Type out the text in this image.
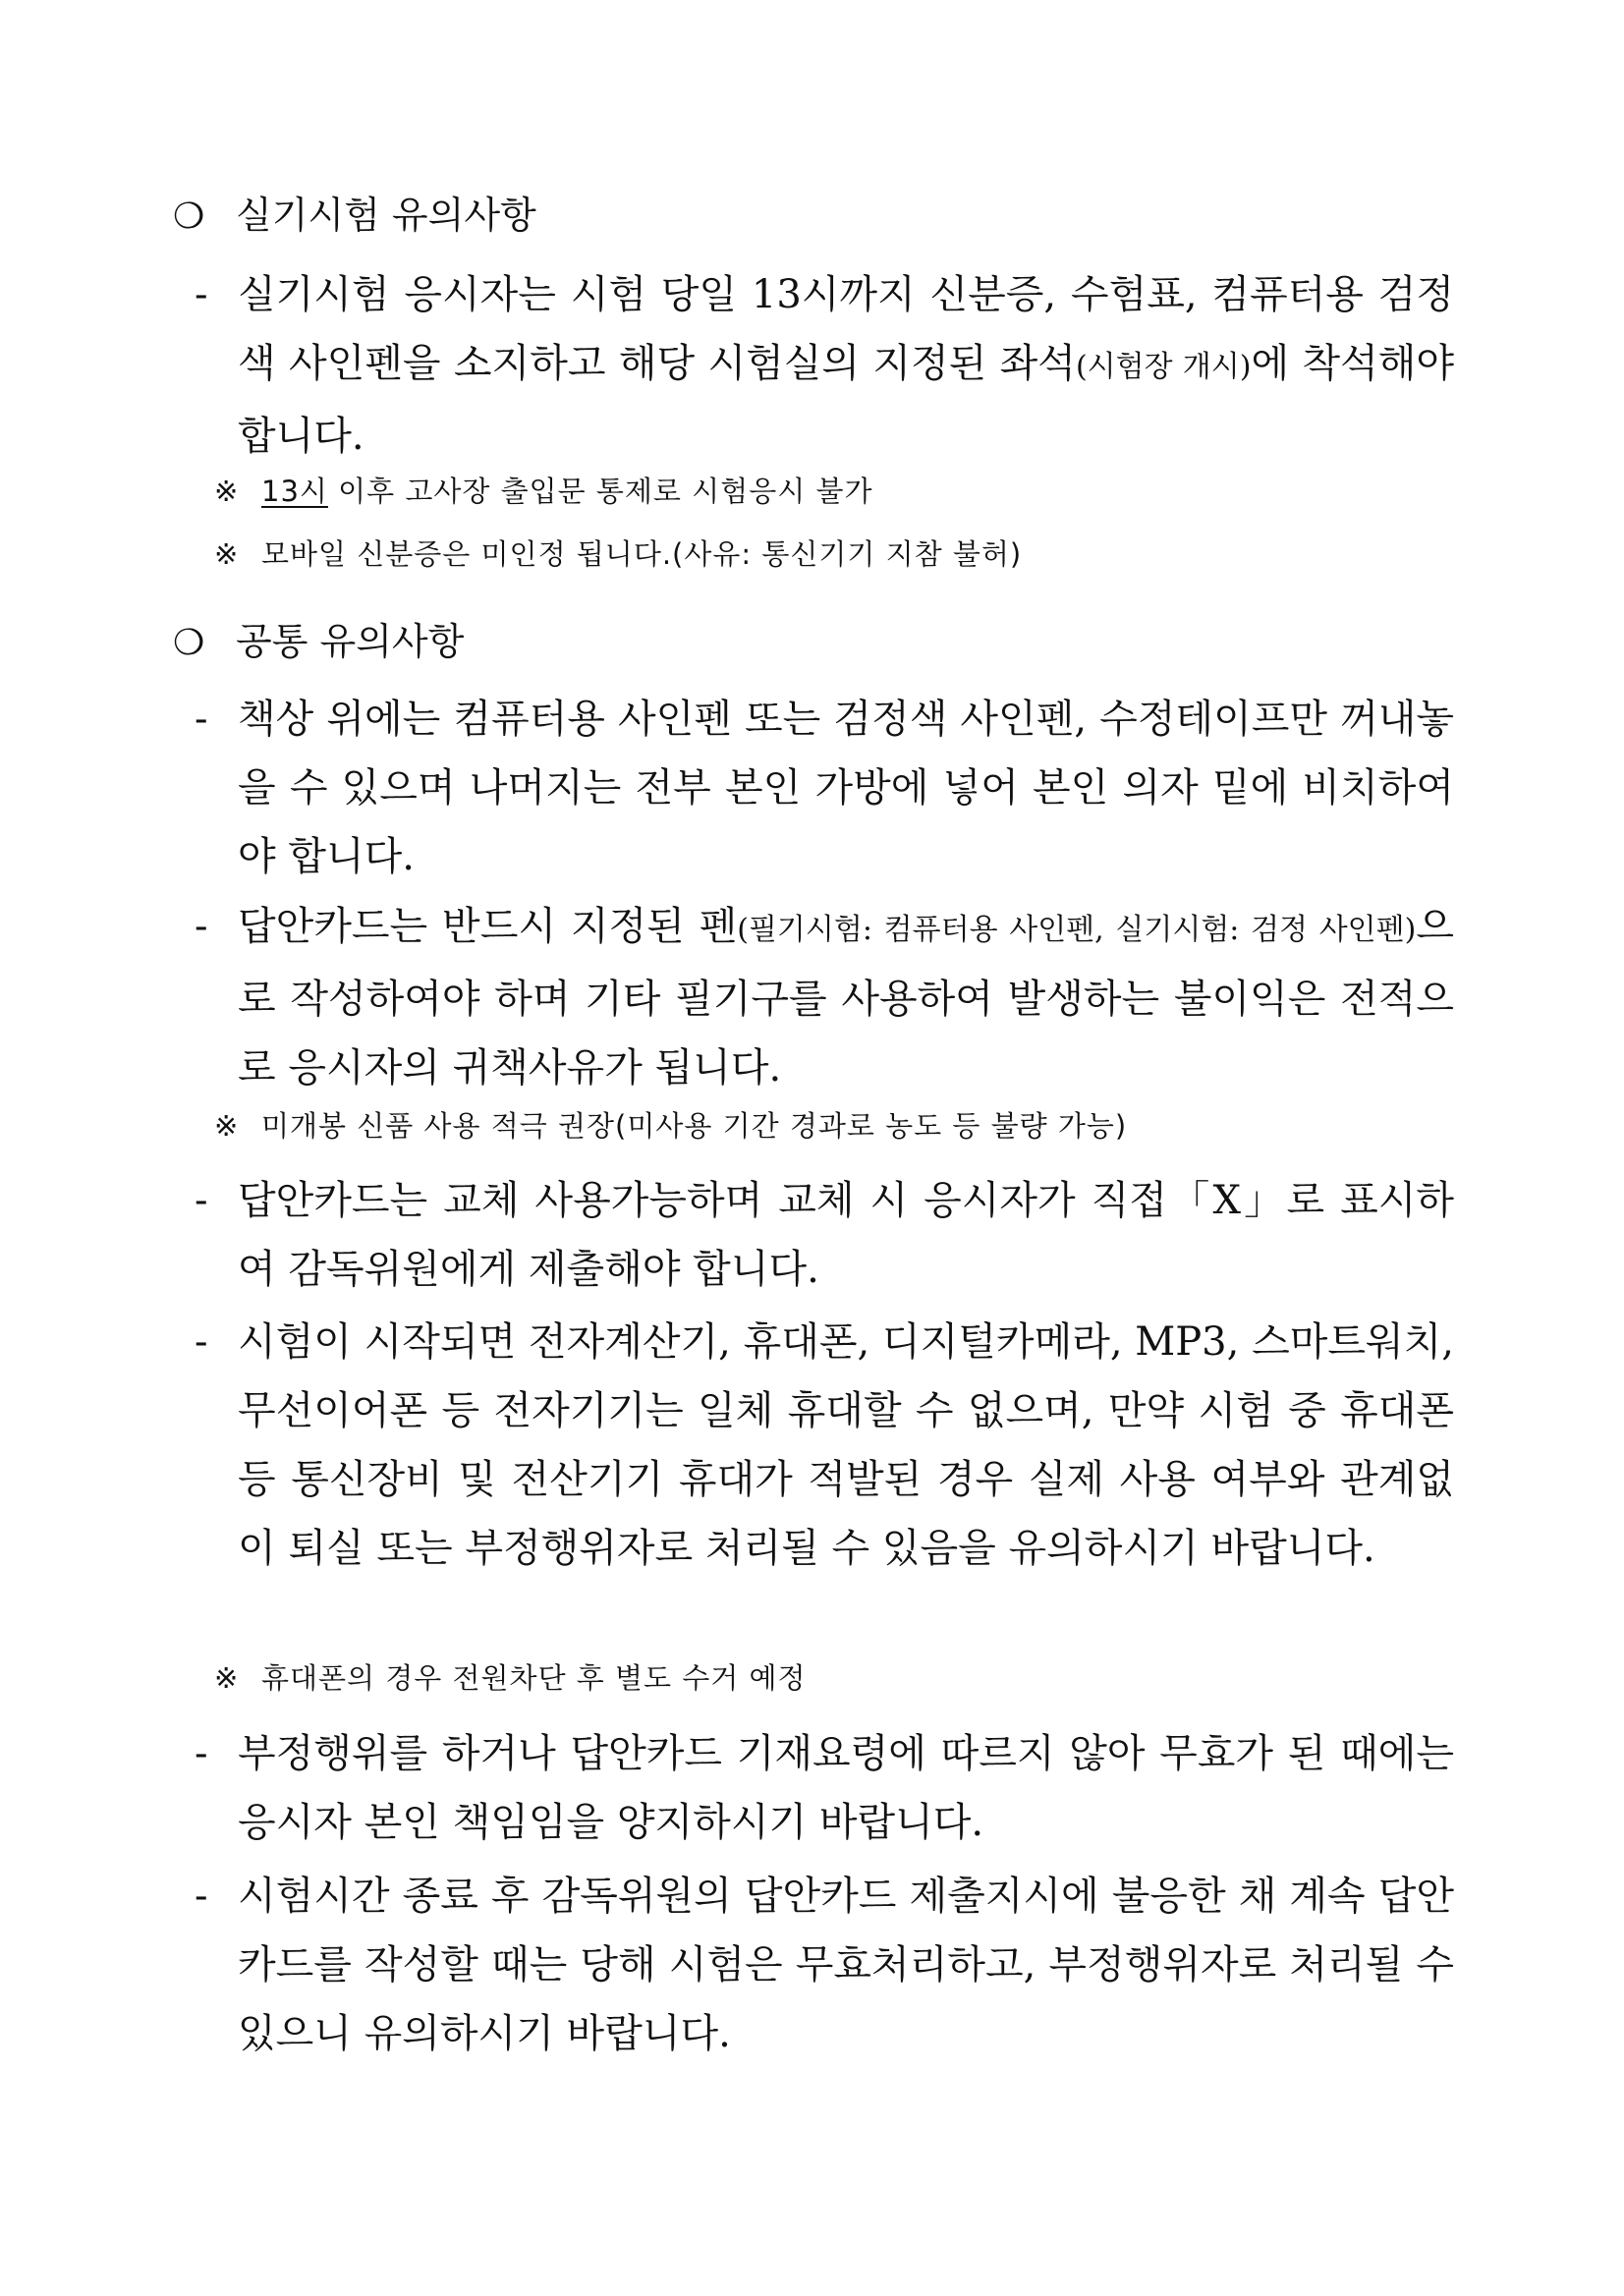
❍ 실기시험 유의사항
- 실기시험 응시자는 시험 당일 13시까지 신분증, 수험표, 컴퓨터용 검정색 사인펜을 소지하고 해당 시험실의 지정된 좌석(시험장 개시)에 착석해야 합니다.
※ 13시 이후 고사장 출입문 통제로 시험응시 불가
※ 모바일 신분증은 미인정 됩니다.(사유: 통신기기 지참 불허)
❍ 공통 유의사항
- 책상 위에는 컴퓨터용 사인펜 또는 검정색 사인펜, 수정테이프만 꺼내놓을 수 있으며 나머지는 전부 본인 가방에 넣어 본인 의자 밑에 비치하여야 합니다.
- 답안카드는 반드시 지정된 펜(필기시험: 컴퓨터용 사인펜, 실기시험: 검정 사인펜)으로 작성하여야 하며 기타 필기구를 사용하여 발생하는 불이익은 전적으로 응시자의 귀책사유가 됩니다.
※ 미개봉 신품 사용 적극 권장(미사용 기간 경과로 농도 등 불량 가능)
- 답안카드는 교체 사용가능하며 교체 시 응시자가 직접「X」로 표시하여 감독위원에게 제출해야 합니다.
- 시험이 시작되면 전자계산기, 휴대폰, 디지털카메라, MP3, 스마트워치, 무선이어폰 등 전자기기는 일체 휴대할 수 없으며, 만약 시험 중 휴대폰 등 통신장비 및 전산기기 휴대가 적발된 경우 실제 사용 여부와 관계없이 퇴실 또는 부정행위자로 처리될 수 있음을 유의하시기 바랍니다.
※ 휴대폰의 경우 전원차단 후 별도 수거 예정
- 부정행위를 하거나 답안카드 기재요령에 따르지 않아 무효가 된 때에는 응시자 본인 책임임을 양지하시기 바랍니다.
- 시험시간 종료 후 감독위원의 답안카드 제출지시에 불응한 채 계속 답안카드를 작성할 때는 당해 시험은 무효처리하고, 부정행위자로 처리될 수 있으니 유의하시기 바랍니다.
